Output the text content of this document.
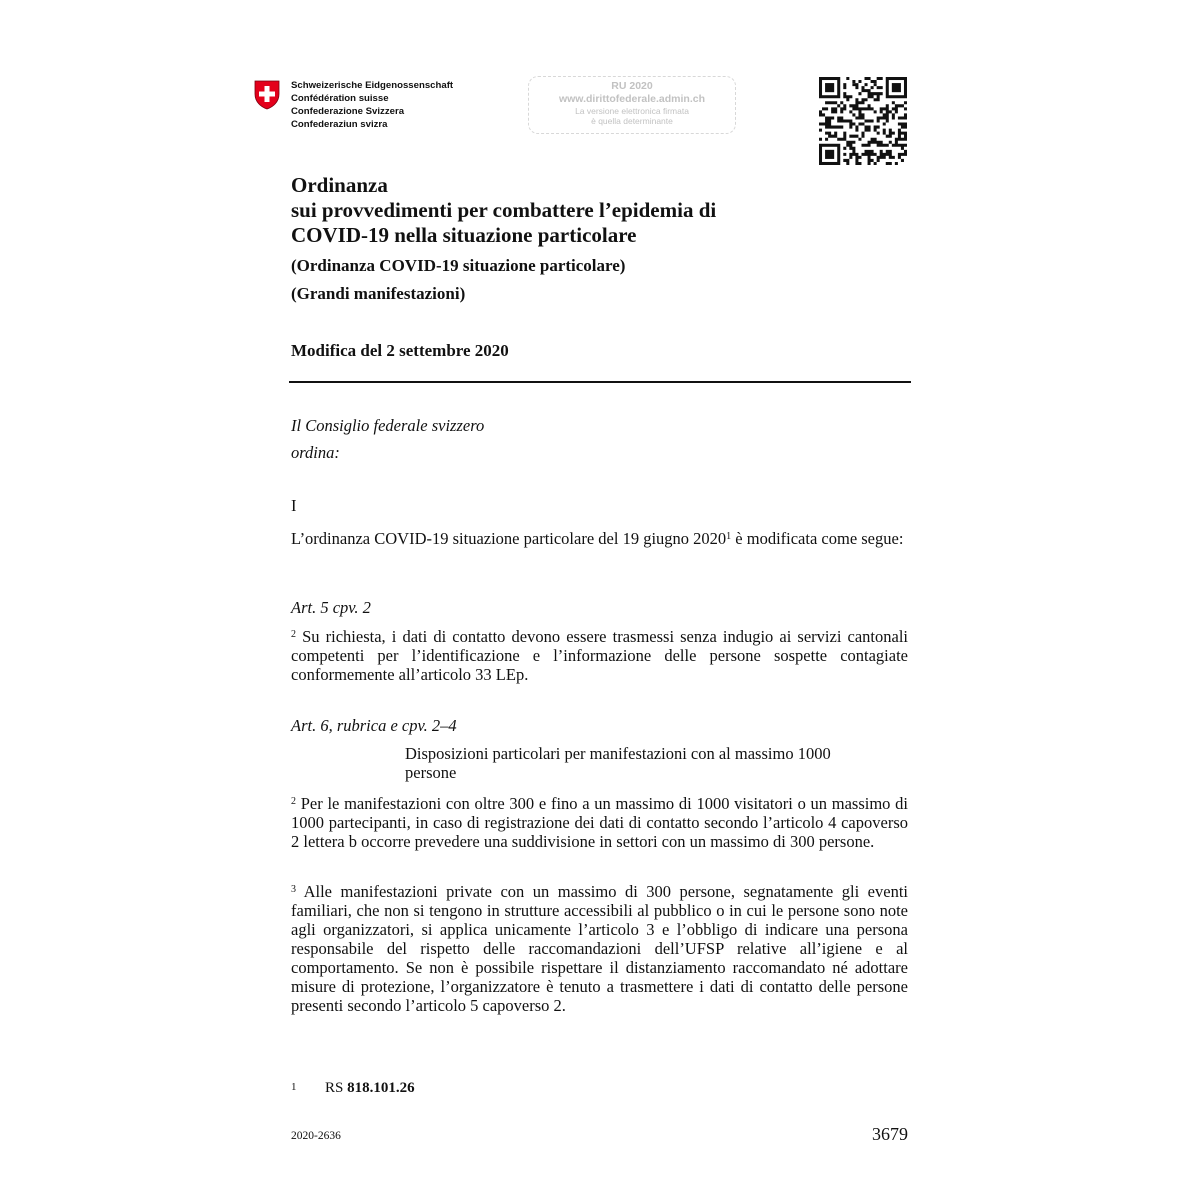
Schweizerische Eidgenossenschaft
Confédération suisse
Confederazione Svizzera
Confederaziun svizra
RU 2020
www.dirittofederale.admin.ch
La versione elettronica firmata
è quella determinante
Ordinanza
sui provvedimenti per combattere l’epidemia di
COVID-19 nella situazione particolare
(Ordinanza COVID-19 situazione particolare)
(Grandi manifestazioni)
Modifica del 2 settembre 2020
Il Consiglio federale svizzero
ordina:
I
L’ordinanza COVID-19 situazione particolare del 19 giugno 2020$^1$ è modificata come segue:
Art. 5 cpv. 2
$^2$ Su richiesta, i dati di contatto devono essere trasmessi senza indugio ai servizi cantonali competenti per l’identificazione e l’informazione delle persone sospette contagiate conformemente all’articolo 33 LEp.
Art. 6, rubrica e cpv. 2–4
Disposizioni particolari per manifestazioni con al massimo 1000 persone
$^2$ Per le manifestazioni con oltre 300 e fino a un massimo di 1000 visitatori o un massimo di 1000 partecipanti, in caso di registrazione dei dati di contatto secondo l’articolo 4 capoverso 2 lettera b occorre prevedere una suddivisione in settori con un massimo di 300 persone.
$^3$ Alle manifestazioni private con un massimo di 300 persone, segnatamente gli eventi familiari, che non si tengono in strutture accessibili al pubblico o in cui le persone sono note agli organizzatori, si applica unicamente l’articolo 3 e l’obbligo di indicare una persona responsabile del rispetto delle raccomandazioni dell’UFSP relative all’igiene e al comportamento. Se non è possibile rispettare il distanziamento raccomandato né adottare misure di protezione, l’organizzatore è tenuto a trasmettere i dati di contatto delle persone presenti secondo l’articolo 5 capoverso 2.
1 RS 818.101.26
2020-2636	3679
